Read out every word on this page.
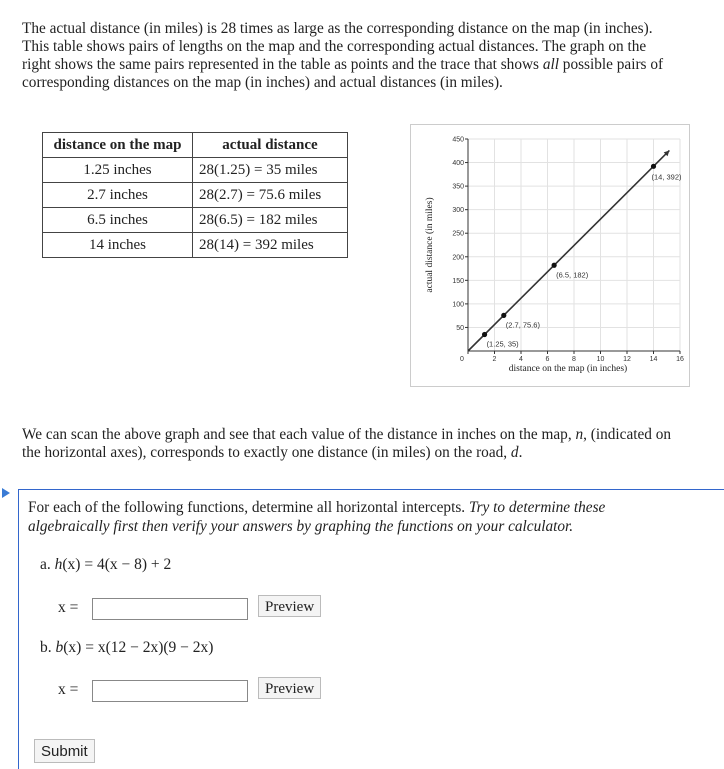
The actual distance (in miles) is 28 times as large as the corresponding distance on the map (in inches).
This table shows pairs of lengths on the map and the corresponding actual distances. The graph on the
right shows the same pairs represented in the table as points and the trace that shows all possible pairs of
corresponding distances on the map (in inches) and actual distances (in miles).
distance on the map	actual distance
1.25 inches	28(1.25) = 35 miles
2.7 inches	28(2.7) = 75.6 miles
6.5 inches	28(6.5) = 182 miles
14 inches	28(14) = 392 miles
0	2	4	6	8	10	12	14	16
50
100
150
200
250
300
350
400
450
(1.25, 35)
(2.7, 75.6)
(6.5, 182)
(14, 392)
actual distance (in miles)
distance on the map (in inches)
We can scan the above graph and see that each value of the distance in inches on the map, n, (indicated on
the horizontal axes), corresponds to exactly one distance (in miles) on the road, d.
For each of the following functions, determine all horizontal intercepts. Try to determine these
algebraically first then verify your answers by graphing the functions on your calculator.
a. h(x) = 4(x − 8) + 2
x =	Preview
b. b(x) = x(12 − 2x)(9 − 2x)
x =	Preview
Submit
